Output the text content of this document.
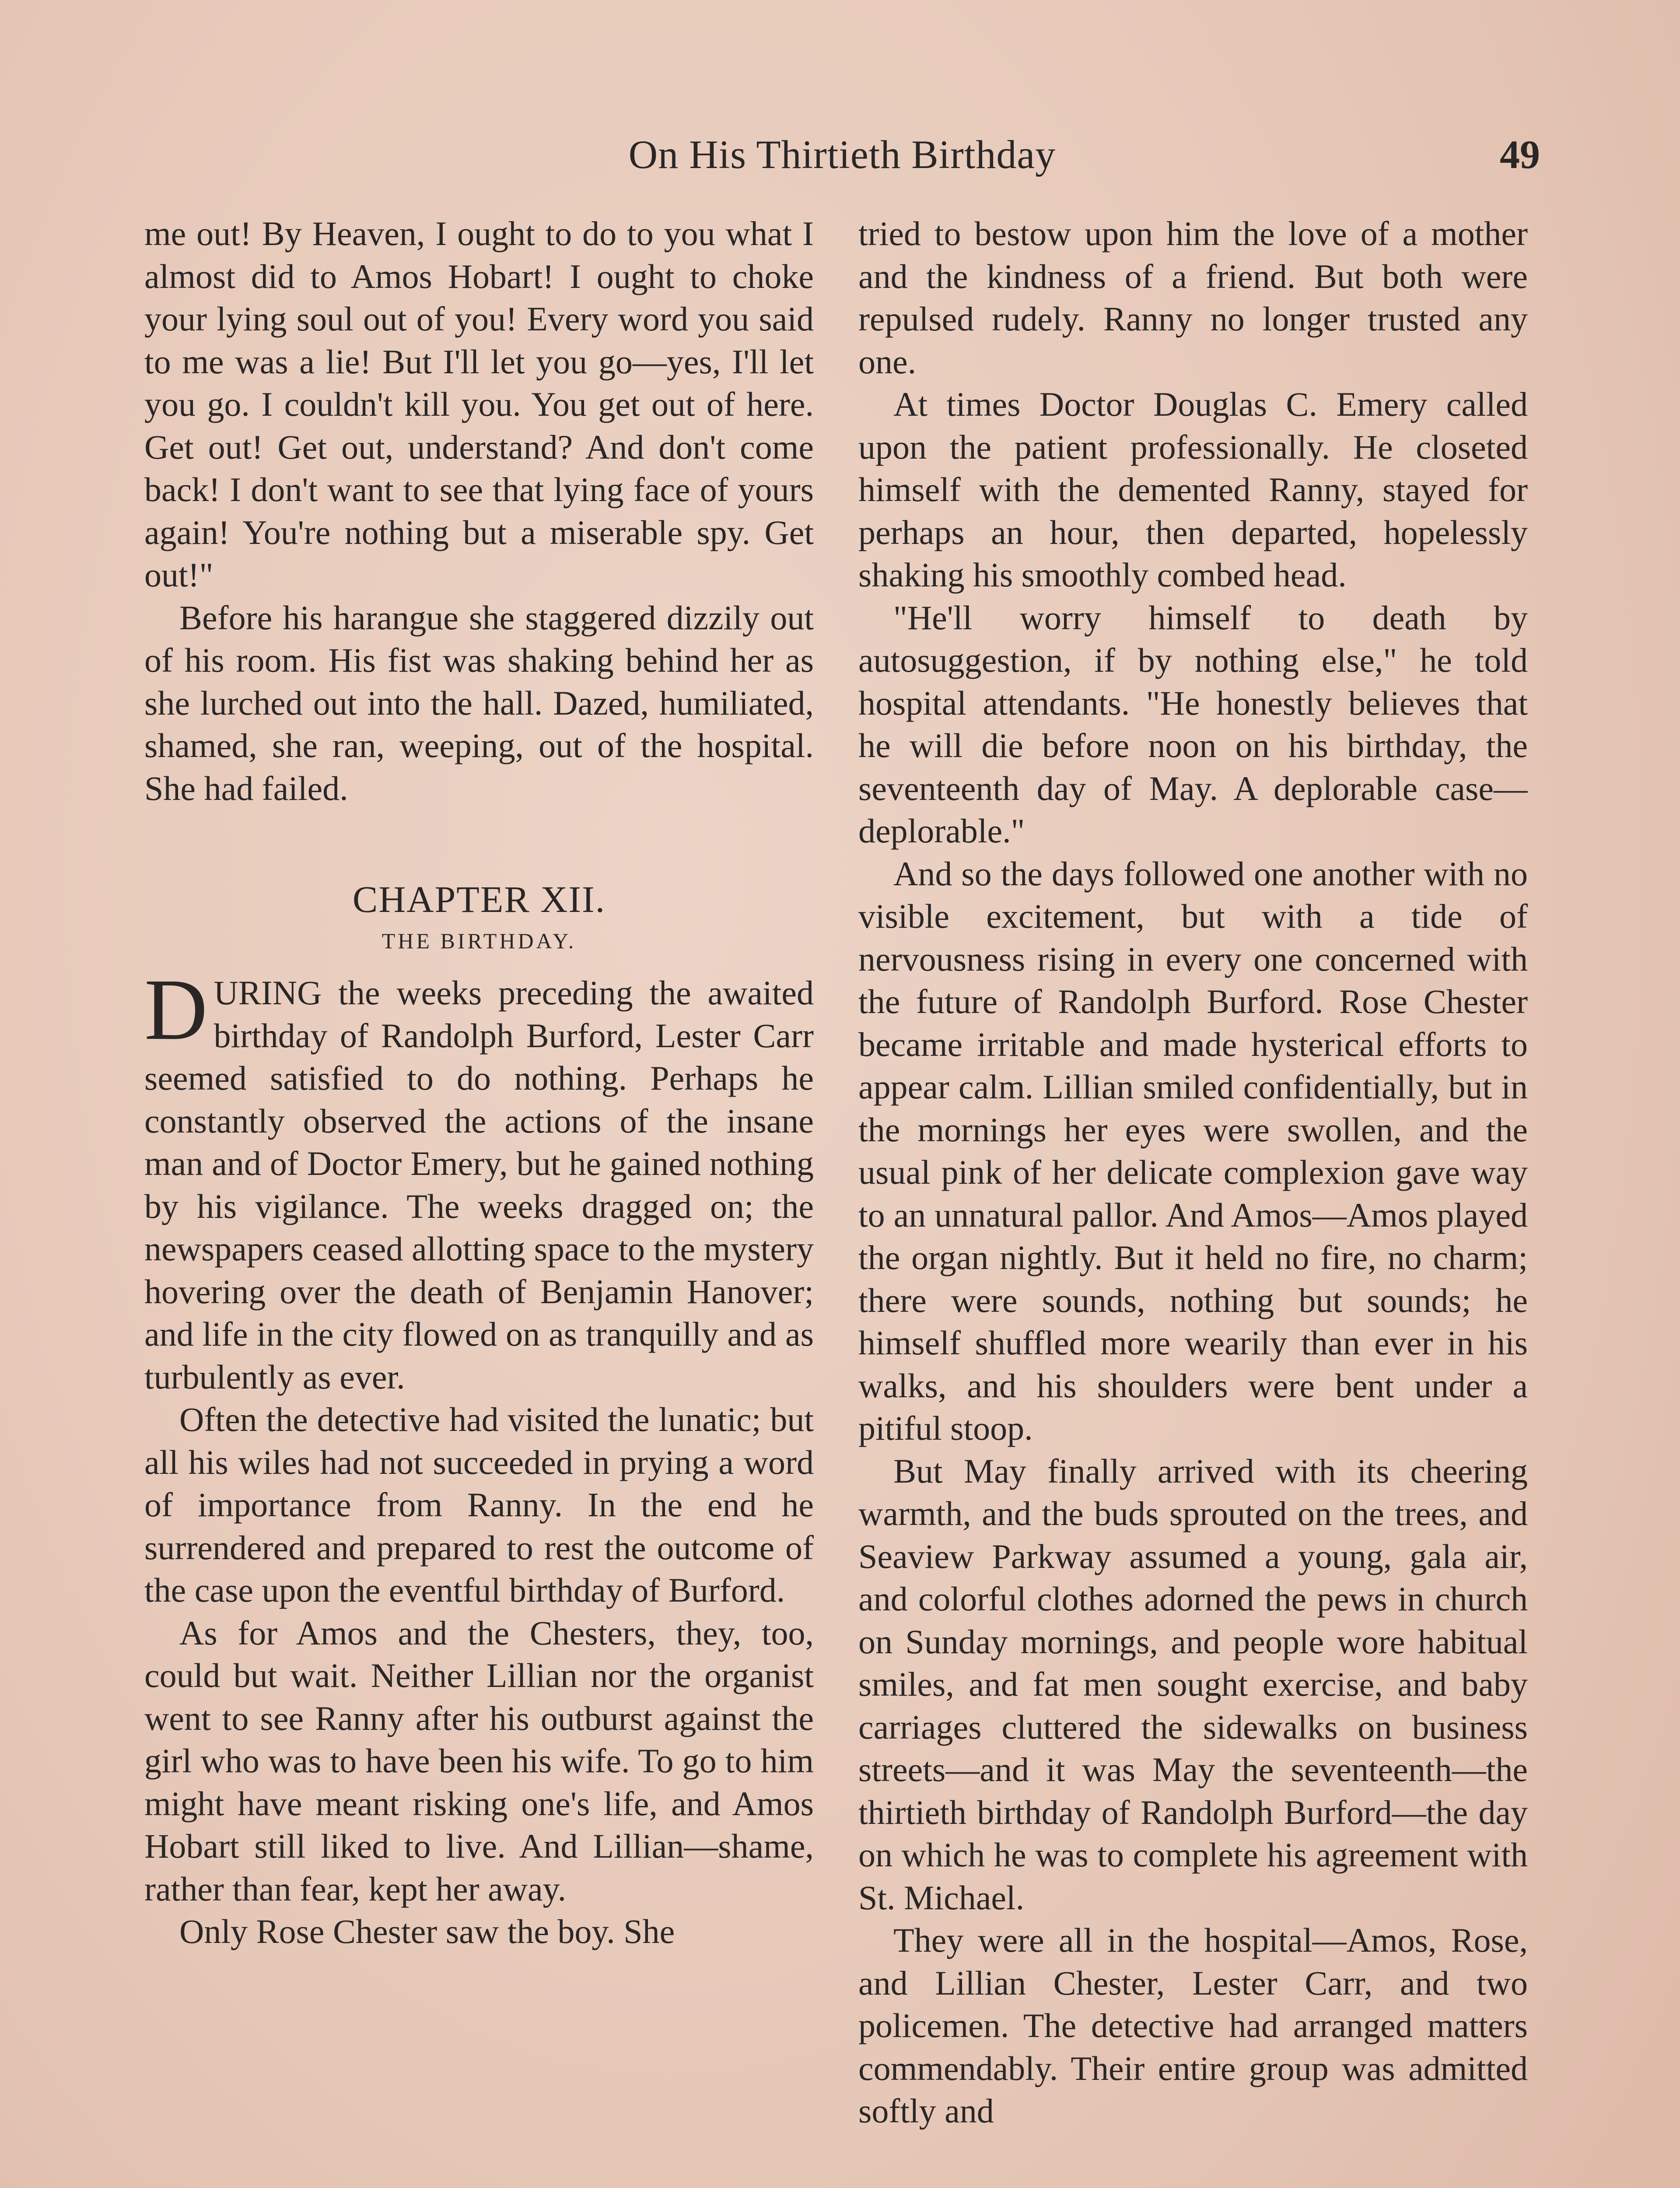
On His Thirtieth Birthday	49

me out! By Heaven, I ought to do to you what I almost did to Amos Hobart! I ought to choke your lying soul out of you! Every word you said to me was a lie! But I'll let you go—yes, I'll let you go. I couldn't kill you. You get out of here. Get out! Get out, understand? And don't come back! I don't want to see that lying face of yours again! You're nothing but a miserable spy. Get out!"

Before his harangue she staggered dizzily out of his room. His fist was shaking behind her as she lurched out into the hall. Dazed, humiliated, shamed, she ran, weeping, out of the hospital. She had failed.

CHAPTER XII.
THE BIRTHDAY.

DURING the weeks preceding the awaited birthday of Randolph Burford, Lester Carr seemed satisfied to do nothing. Perhaps he constantly observed the actions of the insane man and of Doctor Emery, but he gained nothing by his vigilance. The weeks dragged on; the newspapers ceased allotting space to the mystery hovering over the death of Benjamin Hanover; and life in the city flowed on as tranquilly and as turbulently as ever.

Often the detective had visited the lunatic; but all his wiles had not succeeded in prying a word of importance from Ranny. In the end he surrendered and prepared to rest the outcome of the case upon the eventful birthday of Burford.

As for Amos and the Chesters, they, too, could but wait. Neither Lillian nor the organist went to see Ranny after his outburst against the girl who was to have been his wife. To go to him might have meant risking one's life, and Amos Hobart still liked to live. And Lillian—shame, rather than fear, kept her away.

Only Rose Chester saw the boy. She

tried to bestow upon him the love of a mother and the kindness of a friend. But both were repulsed rudely. Ranny no longer trusted any one.

At times Doctor Douglas C. Emery called upon the patient professionally. He closeted himself with the demented Ranny, stayed for perhaps an hour, then departed, hopelessly shaking his smoothly combed head.

"He'll worry himself to death by autosuggestion, if by nothing else," he told hospital attendants. "He honestly believes that he will die before noon on his birthday, the seventeenth day of May. A deplorable case—deplorable."

And so the days followed one another with no visible excitement, but with a tide of nervousness rising in every one concerned with the future of Randolph Burford. Rose Chester became irritable and made hysterical efforts to appear calm. Lillian smiled confidentially, but in the mornings her eyes were swollen, and the usual pink of her delicate complexion gave way to an unnatural pallor. And Amos—Amos played the organ nightly. But it held no fire, no charm; there were sounds, nothing but sounds; he himself shuffled more wearily than ever in his walks, and his shoulders were bent under a pitiful stoop.

But May finally arrived with its cheering warmth, and the buds sprouted on the trees, and Seaview Parkway assumed a young, gala air, and colorful clothes adorned the pews in church on Sunday mornings, and people wore habitual smiles, and fat men sought exercise, and baby carriages cluttered the sidewalks on business streets—and it was May the seventeenth—the thirtieth birthday of Randolph Burford—the day on which he was to complete his agreement with St. Michael.

They were all in the hospital—Amos, Rose, and Lillian Chester, Lester Carr, and two policemen. The detective had arranged matters commendably. Their entire group was admitted softly and
